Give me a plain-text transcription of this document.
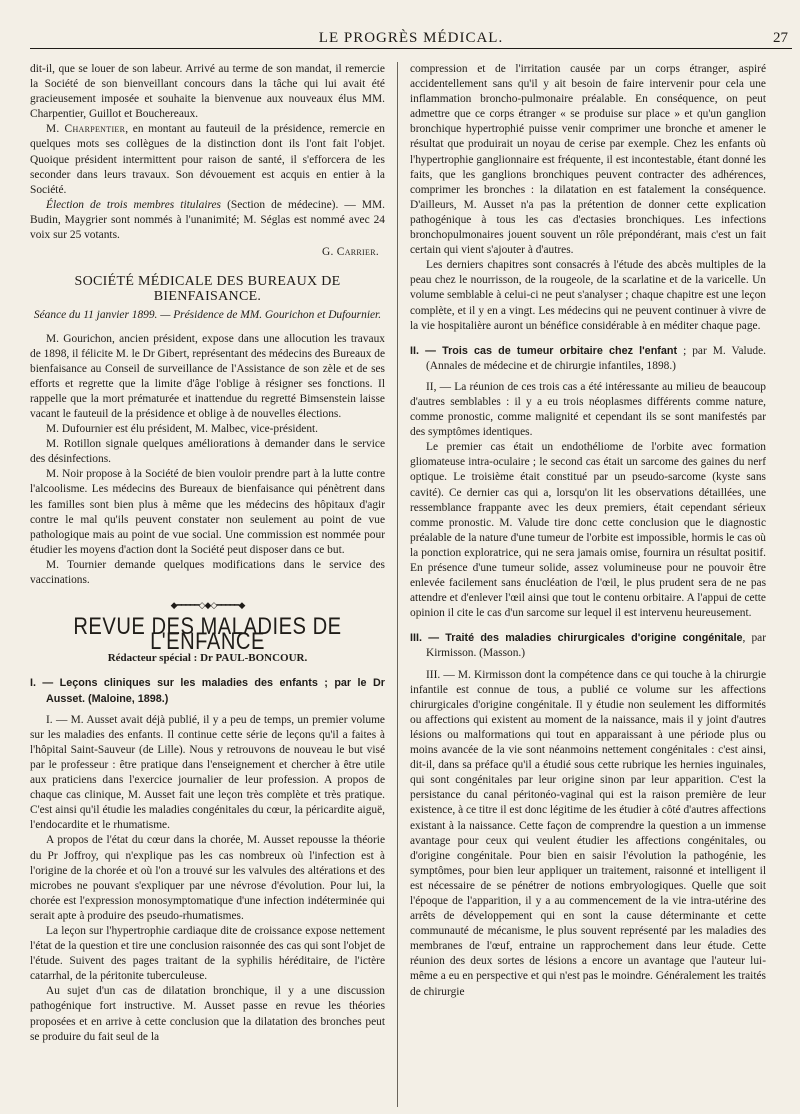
LE PROGRÈS MÉDICAL.	27

dit-il, que se louer de son labeur. Arrivé au terme de son mandat, il remercie la Société de son bienveillant concours dans la tâche qui lui avait été gracieusement imposée et souhaite la bienvenue aux nouveaux élus MM. Charpentier, Guillot et Bouchereaux.

M. Charpentier, en montant au fauteuil de la présidence, remercie en quelques mots ses collègues de la distinction dont ils l'ont fait l'objet. Quoique président intermittent pour raison de santé, il s'efforcera de les seconder dans leurs travaux. Son dévouement est acquis en entier à la Société.

Élection de trois membres titulaires (Section de médecine). — MM. Budin, Maygrier sont nommés à l'unanimité; M. Séglas est nommé avec 24 voix sur 25 votants.

G. Carrier.
SOCIÉTÉ MÉDICALE DES BUREAUX DE BIENFAISANCE.
Séance du 11 janvier 1899. — Présidence de MM. Gourichon et Dufournier.

M. Gourichon, ancien président, expose dans une allocution les travaux de 1898, il félicite M. le Dr Gibert, représentant des médecins des Bureaux de bienfaisance au Conseil de surveillance de l'Assistance de son zèle et de ses efforts et regrette que la limite d'âge l'oblige à résigner ses fonctions. Il rappelle que la mort prématurée et inattendue du regretté Bimsenstein laisse vacant le fauteuil de la présidence et oblige à de nouvelles élections.

M. Dufournier est élu président, M. Malbec, vice-président.

M. Rotillon signale quelques améliorations à demander dans le service des désinfections.

M. Noir propose à la Société de bien vouloir prendre part à la lutte contre l'alcoolisme. Les médecins des Bureaux de bienfaisance qui pénètrent dans les familles sont bien plus à même que les médecins des hôpitaux d'agir contre le mal qu'ils peuvent constater non seulement au point de vue pathologique mais au point de vue social. Une commission est nommée pour étudier les moyens d'action dont la Société peut disposer dans ce but.

M. Tournier demande quelques modifications dans le service des vaccinations.

◆━━━━━◇◆◇━━━━━◆
REVUE DES MALADIES DE L'ENFANCE
Rédacteur spécial : Dr PAUL-BONCOUR.
I. — Leçons cliniques sur les maladies des enfants ; par le Dr Ausset. (Maloine, 1898.)

I. — M. Ausset avait déjà publié, il y a peu de temps, un premier volume sur les maladies des enfants. Il continue cette série de leçons qu'il a faites à l'hôpital Saint-Sauveur (de Lille). Nous y retrouvons de nouveau le but visé par le professeur : être pratique dans l'enseignement et chercher à être utile aux praticiens dans l'exercice journalier de leur profession. A propos de chaque cas clinique, M. Ausset fait une leçon très complète et très pratique. C'est ainsi qu'il étudie les maladies congénitales du cœur, la péricardite aiguë, l'endocardite et le rhumatisme.

A propos de l'état du cœur dans la chorée, M. Ausset repousse la théorie du Pr Joffroy, qui n'explique pas les cas nombreux où l'infection est à l'origine de la chorée et où l'on a trouvé sur les valvules des altérations et des microbes ne pouvant s'expliquer par une névrose d'évolution. Pour lui, la chorée est l'expression monosymptomatique d'une infection indéterminée qui serait apte à produire des pseudo-rhumatismes.

La leçon sur l'hypertrophie cardiaque dite de croissance expose nettement l'état de la question et tire une conclusion raisonnée des cas qui sont l'objet de l'étude. Suivent des pages traitant de la syphilis héréditaire, de l'ictère catarrhal, de la péritonite tuberculeuse.

Au sujet d'un cas de dilatation bronchique, il y a une discussion pathogénique fort instructive. M. Ausset passe en revue les théories proposées et en arrive à cette conclusion que la dilatation des bronches peut se produire du fait seul de la

compression et de l'irritation causée par un corps étranger, aspiré accidentellement sans qu'il y ait besoin de faire intervenir pour cela une inflammation broncho-pulmonaire préalable. En conséquence, on peut admettre que ce corps étranger « se produise sur place » et qu'un ganglion bronchique hypertrophié puisse venir comprimer une bronche et amener le résultat que produirait un noyau de cerise par exemple. Chez les enfants où l'hypertrophie ganglionnaire est fréquente, il est incontestable, étant donné les faits, que les ganglions bronchiques peuvent contracter des adhérences, comprimer les bronches : la dilatation en est fatalement la conséquence. D'ailleurs, M. Ausset n'a pas la prétention de donner cette explication pathogénique à tous les cas d'ectasies bronchiques. Les infections bronchopulmonaires jouent souvent un rôle prépondérant, mais c'est un fait certain qui vient s'ajouter à d'autres.

Les derniers chapitres sont consacrés à l'étude des abcès multiples de la peau chez le nourrisson, de la rougeole, de la scarlatine et de la varicelle. Un volume semblable à celui-ci ne peut s'analyser ; chaque chapitre est une leçon complète, et il y en a vingt. Les médecins qui ne peuvent continuer à vivre de la vie hospitalière auront un bénéfice considérable à en méditer chaque page.

II. — Trois cas de tumeur orbitaire chez l'enfant ; par M. Valude. (Annales de médecine et de chirurgie infantiles, 1898.)

II, — La réunion de ces trois cas a été intéressante au milieu de beaucoup d'autres semblables : il y a eu trois néoplasmes différents comme nature, comme pronostic, comme malignité et cependant ils se sont manifestés par des symptômes identiques.

Le premier cas était un endothéliome de l'orbite avec formation gliomateuse intra-oculaire ; le second cas était un sarcome des gaines du nerf optique. Le troisième était constitué par un pseudo-sarcome (kyste sans cavité). Ce dernier cas qui a, lorsqu'on lit les observations détaillées, une ressemblance frappante avec les deux premiers, était cependant sérieux comme pronostic. M. Valude tire donc cette conclusion que le diagnostic préalable de la nature d'une tumeur de l'orbite est impossible, hormis le cas où la ponction exploratrice, qui ne sera jamais omise, fournira un résultat positif. En présence d'une tumeur solide, assez volumineuse pour ne pouvoir être enlevée facilement sans énucléation de l'œil, le plus prudent sera de ne pas attendre et d'enlever l'œil ainsi que tout le contenu orbitaire. A l'appui de cette opinion il cite le cas d'un sarcome sur lequel il est intervenu heureusement.

III. — Traité des maladies chirurgicales d'origine congénitale, par Kirmisson. (Masson.)

III. — M. Kirmisson dont la compétence dans ce qui touche à la chirurgie infantile est connue de tous, a publié ce volume sur les affections chirurgicales d'origine congénitale. Il y étudie non seulement les difformités ou affections qui existent au moment de la naissance, mais il y joint d'autres lésions ou malformations qui tout en apparaissant à une période plus ou moins avancée de la vie sont néanmoins nettement congénitales : c'est ainsi, dit-il, dans sa préface qu'il a étudié sous cette rubrique les hernies inguinales, qui sont congénitales par leur origine sinon par leur apparition. C'est la persistance du canal péritonéo-vaginal qui est la raison première de leur existence, à ce titre il est donc légitime de les étudier à côté d'autres affections existant à la naissance. Cette façon de comprendre la question a un immense avantage pour ceux qui veulent étudier les affections congénitales, ou d'origine congénitale. Pour bien en saisir l'évolution la pathogénie, les symptômes, pour bien leur appliquer un traitement, raisonné et intelligent il est nécessaire de se pénétrer de notions embryologiques. Quelle que soit l'époque de l'apparition, il y a au commencement de la vie intra-utérine des arrêts de développement qui en sont la cause déterminante et cette communauté de mécanisme, le plus souvent représenté par les maladies des membranes de l'œuf, entraine un rapprochement dans leur étude. Cette réunion des deux sortes de lésions a encore un avantage que l'auteur lui-même a eu en perspective et qui n'est pas le moindre. Généralement les traités de chirurgie
